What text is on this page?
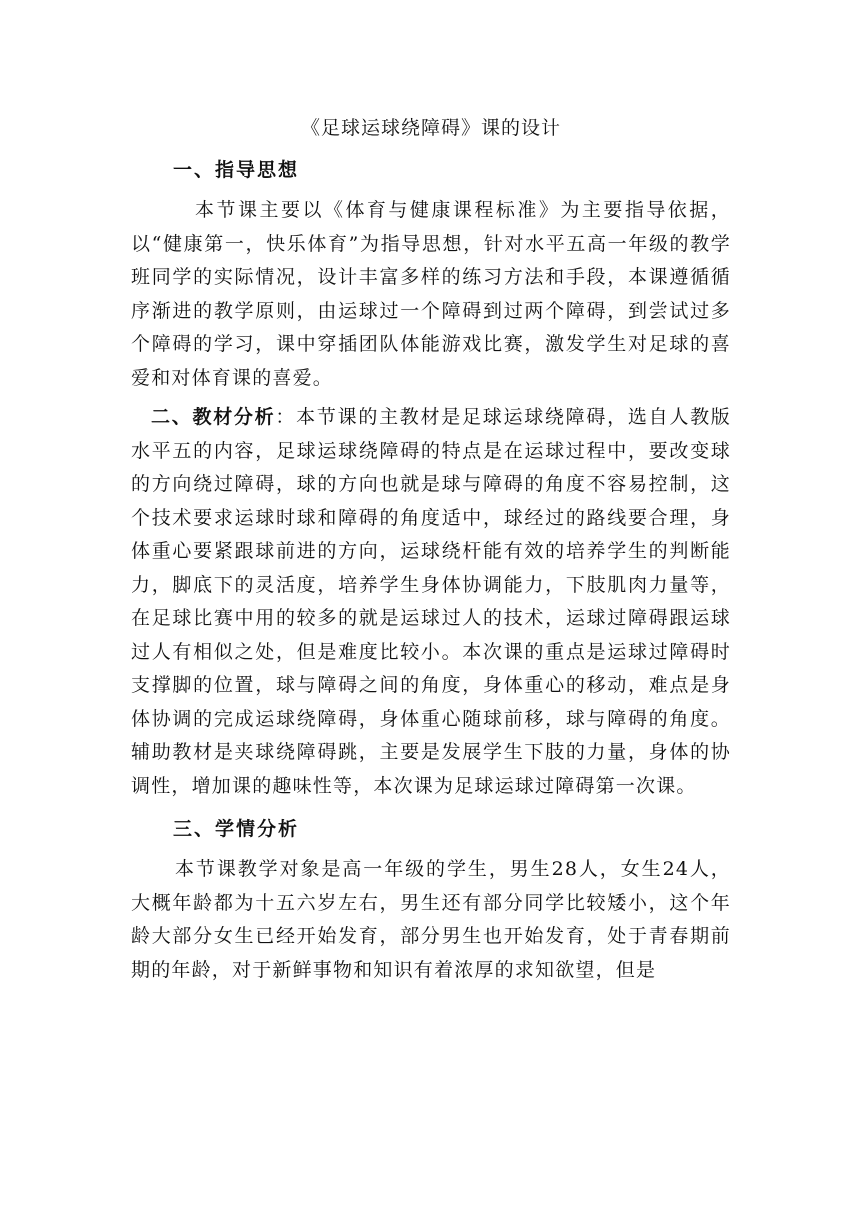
《足球运球绕障碍》课的设计
一、指导思想

本节课主要以《体育与健康课程标准》为主要指导依据，以“健康第一，快乐体育”为指导思想，针对水平五高一年级的教学班同学的实际情况，设计丰富多样的练习方法和手段，本课遵循循序渐进的教学原则，由运球过一个障碍到过两个障碍，到尝试过多个障碍的学习，课中穿插团队体能游戏比赛，激发学生对足球的喜爱和对体育课的喜爱。

二、教材分析：本节课的主教材是足球运球绕障碍，选自人教版水平五的内容，足球运球绕障碍的特点是在运球过程中，要改变球的方向绕过障碍，球的方向也就是球与障碍的角度不容易控制，这个技术要求运球时球和障碍的角度适中，球经过的路线要合理，身体重心要紧跟球前进的方向，运球绕杆能有效的培养学生的判断能力，脚底下的灵活度，培养学生身体协调能力，下肢肌肉力量等，在足球比赛中用的较多的就是运球过人的技术，运球过障碍跟运球过人有相似之处，但是难度比较小。本次课的重点是运球过障碍时支撑脚的位置，球与障碍之间的角度，身体重心的移动，难点是身体协调的完成运球绕障碍，身体重心随球前移，球与障碍的角度。辅助教材是夹球绕障碍跳，主要是发展学生下肢的力量，身体的协调性，增加课的趣味性等，本次课为足球运球过障碍第一次课。

三、学情分析

本节课教学对象是高一年级的学生，男生28人，女生24人，大概年龄都为十五六岁左右，男生还有部分同学比较矮小，这个年龄大部分女生已经开始发育，部分男生也开始发育，处于青春期前期的年龄，对于新鲜事物和知识有着浓厚的求知欲望，但是
